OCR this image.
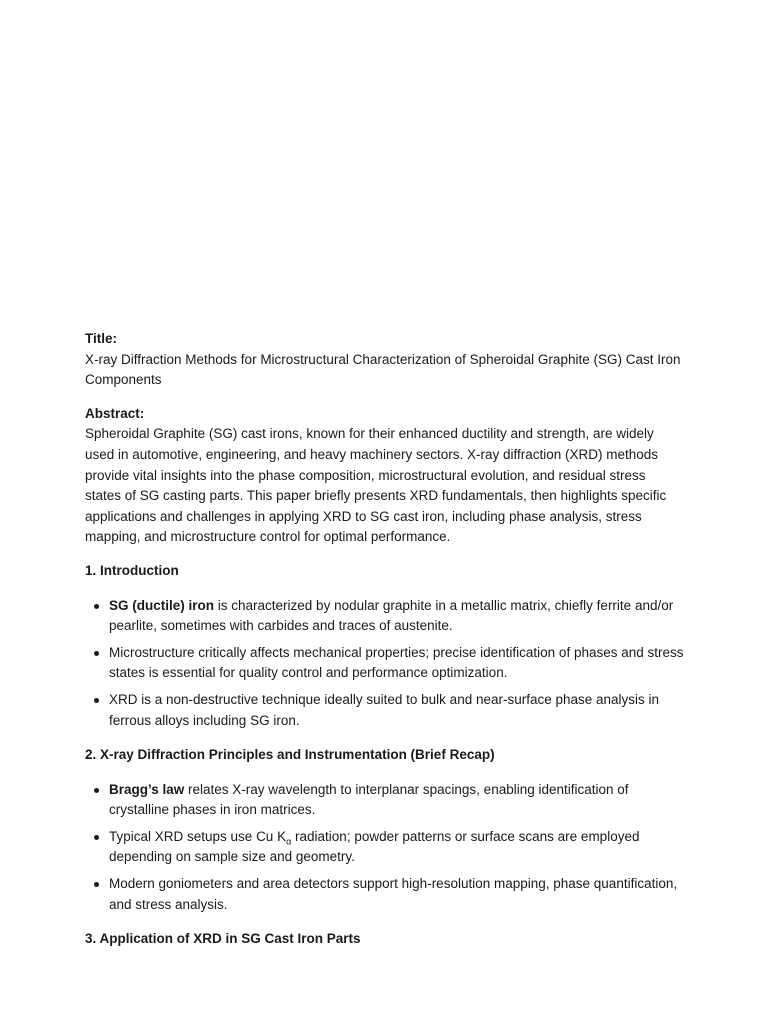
Title:

X-ray Diffraction Methods for Microstructural Characterization of Spheroidal Graphite (SG) Cast Iron Components

Abstract:

Spheroidal Graphite (SG) cast irons, known for their enhanced ductility and strength, are widely used in automotive, engineering, and heavy machinery sectors. X-ray diffraction (XRD) methods provide vital insights into the phase composition, microstructural evolution, and residual stress states of SG casting parts. This paper briefly presents XRD fundamentals, then highlights specific applications and challenges in applying XRD to SG cast iron, including phase analysis, stress mapping, and microstructure control for optimal performance.

1. Introduction
SG (ductile) iron is characterized by nodular graphite in a metallic matrix, chiefly ferrite and/or pearlite, sometimes with carbides and traces of austenite.
Microstructure critically affects mechanical properties; precise identification of phases and stress states is essential for quality control and performance optimization.
XRD is a non-destructive technique ideally suited to bulk and near-surface phase analysis in ferrous alloys including SG iron.
2. X-ray Diffraction Principles and Instrumentation (Brief Recap)
Bragg’s law relates X-ray wavelength to interplanar spacings, enabling identification of crystalline phases in iron matrices.
Typical XRD setups use Cu $K_\alpha$ radiation; powder patterns or surface scans are employed depending on sample size and geometry.
Modern goniometers and area detectors support high-resolution mapping, phase quantification, and stress analysis.
3. Application of XRD in SG Cast Iron Parts
